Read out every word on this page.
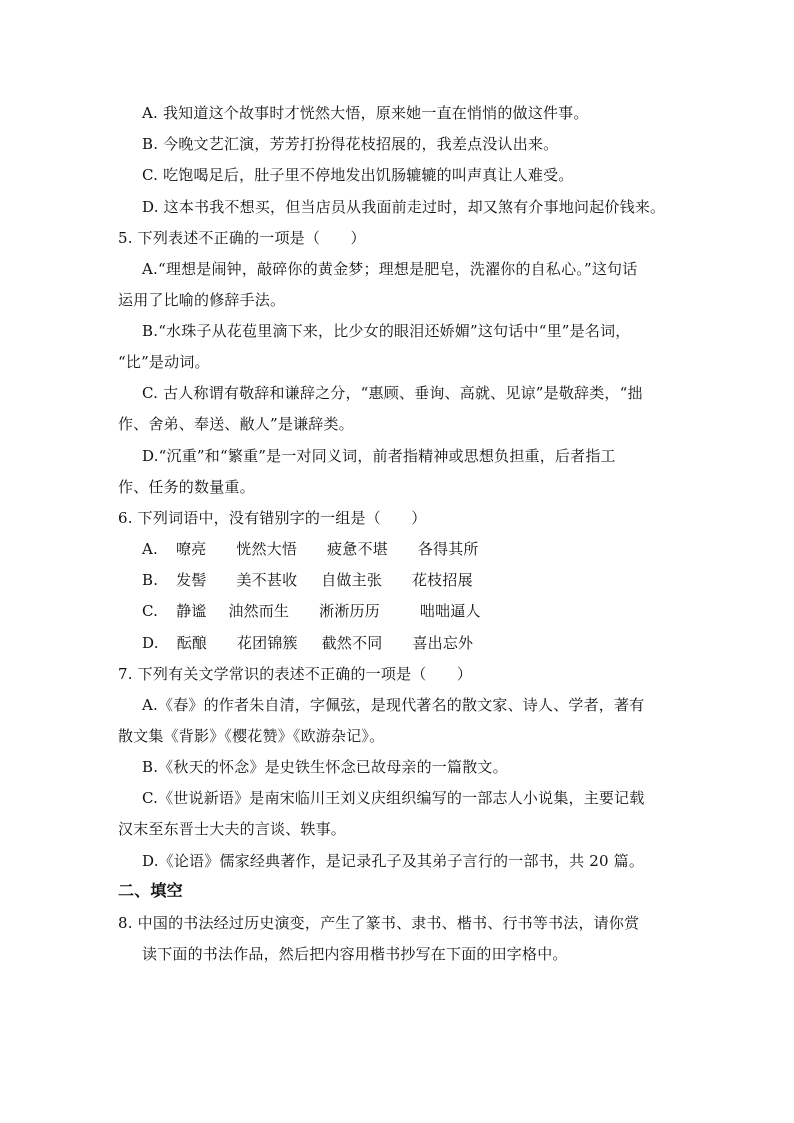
A. 我知道这个故事时才恍然大悟，原来她一直在悄悄的做这件事。
B. 今晚文艺汇演，芳芳打扮得花枝招展的，我差点没认出来。
C. 吃饱喝足后，肚子里不停地发出饥肠辘辘的叫声真让人难受。
D. 这本书我不想买，但当店员从我面前走过时，却又煞有介事地问起价钱来。
5. 下列表述不正确的一项是（　　）
A.“理想是闹钟，敲碎你的黄金梦；理想是肥皂，洗濯你的自私心。”这句话
运用了比喻的修辞手法。
B.“水珠子从花苞里滴下来，比少女的眼泪还娇媚”这句话中“里”是名词，
“比”是动词。
C. 古人称谓有敬辞和谦辞之分，“惠顾、垂询、高就、见谅”是敬辞类，“拙
作、舍弟、奉送、敝人”是谦辞类。
D.“沉重”和“繁重”是一对同义词，前者指精神或思想负担重，后者指工
作、任务的数量重。
6. 下列词语中，没有错别字的一组是（　　）
A. 嘹亮 恍然大悟 疲惫不堪 各得其所
B. 发髻 美不甚收 自做主张 花枝招展
C. 静谧 油然而生 淅淅历历	咄咄逼人
D. 酝酿 花团锦簇 截然不同 喜出忘外
7. 下列有关文学常识的表述不正确的一项是（　　）
A.《春》的作者朱自清，字佩弦，是现代著名的散文家、诗人、学者，著有
散文集《背影》《樱花赞》《欧游杂记》。
B.《秋天的怀念》是史铁生怀念已故母亲的一篇散文。
C.《世说新语》是南宋临川王刘义庆组织编写的一部志人小说集，主要记载
汉末至东晋士大夫的言谈、轶事。
D.《论语》儒家经典著作，是记录孔子及其弟子言行的一部书，共 20 篇。
二、填空
8. 中国的书法经过历史演变，产生了篆书、隶书、楷书、行书等书法，请你赏
读下面的书法作品，然后把内容用楷书抄写在下面的田字格中。
